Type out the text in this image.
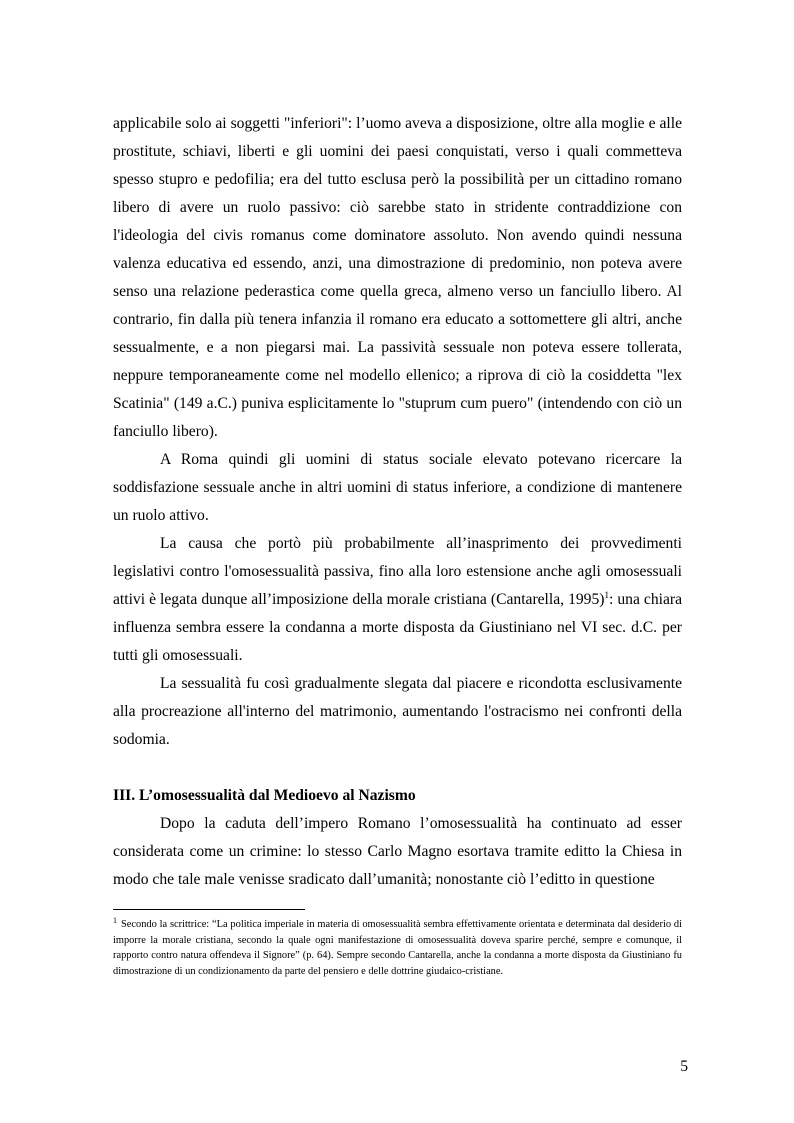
applicabile solo ai soggetti "inferiori": l’uomo aveva a disposizione, oltre alla moglie e alle prostitute, schiavi, liberti e gli uomini dei paesi conquistati, verso i quali commetteva spesso stupro e pedofilia; era del tutto esclusa però la possibilità per un cittadino romano libero di avere un ruolo passivo: ciò sarebbe stato in stridente contraddizione con l'ideologia del civis romanus come dominatore assoluto. Non avendo quindi nessuna valenza educativa ed essendo, anzi, una dimostrazione di predominio, non poteva avere senso una relazione pederastica come quella greca, almeno verso un fanciullo libero. Al contrario, fin dalla più tenera infanzia il romano era educato a sottomettere gli altri, anche sessualmente, e a non piegarsi mai. La passività sessuale non poteva essere tollerata, neppure temporaneamente come nel modello ellenico; a riprova di ciò la cosiddetta "lex Scatinia" (149 a.C.) puniva esplicitamente lo "stuprum cum puero" (intendendo con ciò un fanciullo libero).

A Roma quindi gli uomini di status sociale elevato potevano ricercare la soddisfazione sessuale anche in altri uomini di status inferiore, a condizione di mantenere un ruolo attivo.

La causa che portò più probabilmente all’inasprimento dei provvedimenti legislativi contro l'omosessualità passiva, fino alla loro estensione anche agli omosessuali attivi è legata dunque all’imposizione della morale cristiana (Cantarella, 1995)$^1$: una chiara influenza sembra essere la condanna a morte disposta da Giustiniano nel VI sec. d.C. per tutti gli omosessuali.

La sessualità fu così gradualmente slegata dal piacere e ricondotta esclusivamente alla procreazione all'interno del matrimonio, aumentando l'ostracismo nei confronti della sodomia.

III. L’omosessualità dal Medioevo al Nazismo

Dopo la caduta dell’impero Romano l’omosessualità ha continuato ad esser considerata come un crimine: lo stesso Carlo Magno esortava tramite editto la Chiesa in modo che tale male venisse sradicato dall’umanità; nonostante ciò l’editto in questione

$^1$ Secondo la scrittrice: “La politica imperiale in materia di omosessualità sembra effettivamente orientata e determinata dal desiderio di imporre la morale cristiana, secondo la quale ogni manifestazione di omosessualità doveva sparire perché, sempre e comunque, il rapporto contro natura offendeva il Signore” (p. 64). Sempre secondo Cantarella, anche la condanna a morte disposta da Giustiniano fu dimostrazione di un condizionamento da parte del pensiero e delle dottrine giudaico-cristiane.
5
